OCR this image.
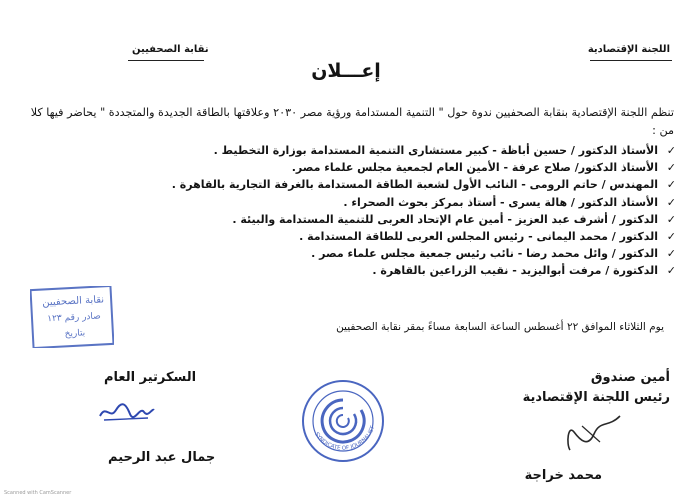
نقابة الصحفيين	اللجنة الإقتصادية
إعـــلان
تنظم اللجنة الإقتصادية بنقابة الصحفيين ندوة حول " التنمية المستدامة ورؤية مصر ٢٠٣٠ وعلاقتها بالطاقة الجديدة والمتجددة " يحاضر فيها كلا من :
✓
الأستاذ الدكتور / حسين أباظة - كبير مستشارى التنمية المستدامة بوزارة التخطيط .
✓
الأستاذ الدكتور/ صلاح عرفة - الأمين العام لجمعية مجلس علماء مصر.
✓
المهندس / حاتم الرومى - النائب الأول لشعبة الطاقة المستدامة بالغرفة التجارية بالقاهرة .
✓
الأستاذ الدكتور / هالة يسرى - أستاذ بمركز بحوث الصحراء .
✓
الدكتور / أشرف عبد العزيز - أمين عام الإتحاد العربى للتنمية المستدامة والبيئة .
✓
الدكتور / محمد اليمانى - رئيس المجلس العربى للطاقة المستدامة .
✓
الدكتور / وائل محمد رضا - نائب رئيس جمعية مجلس علماء مصر .
✓
الدكتورة / مرفت أبواليزيد - نقيب الزراعين بالقاهرة .
يوم الثلاثاء الموافق ٢٢ أغسطس الساعة السابعة مساءً بمقر نقابة الصحفيين
نقابة الصحفيين
صادر رقم ١٢٣
بتاريخ
SYNDICATE OF JOURNALIST
أمين صندوق
رئيس اللجنة الإقتصادية
السكرتير العام
محمد خراجة
جمال عبد الرحيم
Scanned with CamScanner
